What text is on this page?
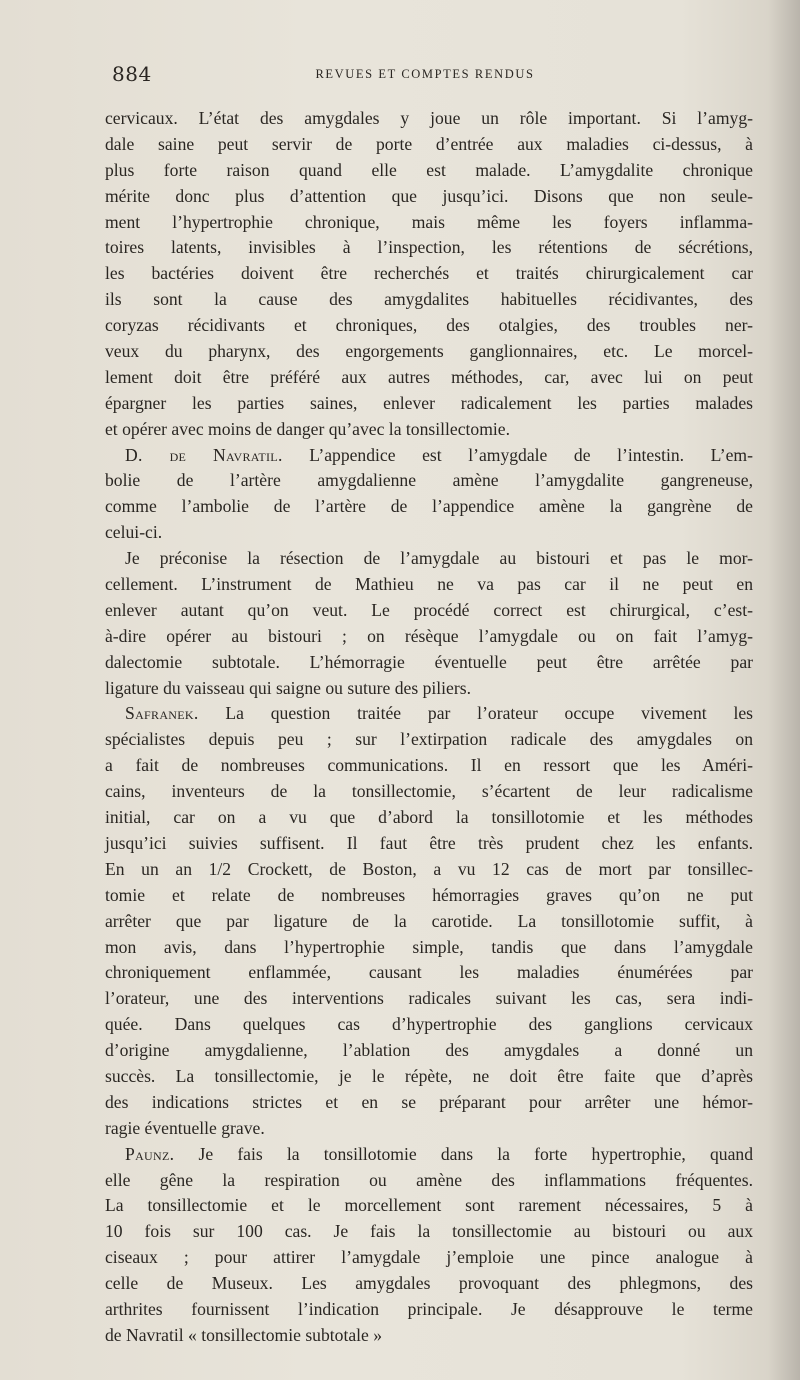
884	REVUES ET COMPTES RENDUS
cervicaux. L’état des amygdales y joue un rôle important. Si l’amyg-
dale saine peut servir de porte d’entrée aux maladies ci-dessus, à
plus forte raison quand elle est malade. L’amygdalite chronique
mérite donc plus d’attention que jusqu’ici. Disons que non seule-
ment l’hypertrophie chronique, mais même les foyers inflamma-
toires latents, invisibles à l’inspection, les rétentions de sécrétions,
les bactéries doivent être recherchés et traités chirurgicalement car
ils sont la cause des amygdalites habituelles récidivantes, des
coryzas récidivants et chroniques, des otalgies, des troubles ner-
veux du pharynx, des engorgements ganglionnaires, etc. Le morcel-
lement doit être préféré aux autres méthodes, car, avec lui on peut
épargner les parties saines, enlever radicalement les parties malades
et opérer avec moins de danger qu’avec la tonsillectomie.
D. de Navratil. L’appendice est l’amygdale de l’intestin. L’em-
bolie de l’artère amygdalienne amène l’amygdalite gangreneuse,
comme l’ambolie de l’artère de l’appendice amène la gangrène de
celui-ci.
Je préconise la résection de l’amygdale au bistouri et pas le mor-
cellement. L’instrument de Mathieu ne va pas car il ne peut en
enlever autant qu’on veut. Le procédé correct est chirurgical, c’est-
à-dire opérer au bistouri ; on résèque l’amygdale ou on fait l’amyg-
dalectomie subtotale. L’hémorragie éventuelle peut être arrêtée par
ligature du vaisseau qui saigne ou suture des piliers.
Safranek. La question traitée par l’orateur occupe vivement les
spécialistes depuis peu ; sur l’extirpation radicale des amygdales on
a fait de nombreuses communications. Il en ressort que les Améri-
cains, inventeurs de la tonsillectomie, s’écartent de leur radicalisme
initial, car on a vu que d’abord la tonsillotomie et les méthodes
jusqu’ici suivies suffisent. Il faut être très prudent chez les enfants.
En un an 1/2 Crockett, de Boston, a vu 12 cas de mort par tonsillec-
tomie et relate de nombreuses hémorragies graves qu’on ne put
arrêter que par ligature de la carotide. La tonsillotomie suffit, à
mon avis, dans l’hypertrophie simple, tandis que dans l’amygdale
chroniquement enflammée, causant les maladies énumérées par
l’orateur, une des interventions radicales suivant les cas, sera indi-
quée. Dans quelques cas d’hypertrophie des ganglions cervicaux
d’origine amygdalienne, l’ablation des amygdales a donné un
succès. La tonsillectomie, je le répète, ne doit être faite que d’après
des indications strictes et en se préparant pour arrêter une hémor-
ragie éventuelle grave.
Paunz. Je fais la tonsillotomie dans la forte hypertrophie, quand
elle gêne la respiration ou amène des inflammations fréquentes.
La tonsillectomie et le morcellement sont rarement nécessaires, 5 à
10 fois sur 100 cas. Je fais la tonsillectomie au bistouri ou aux
ciseaux ; pour attirer l’amygdale j’emploie une pince analogue à
celle de Museux. Les amygdales provoquant des phlegmons, des
arthrites fournissent l’indication principale. Je désapprouve le terme
de Navratil « tonsillectomie subtotale »
